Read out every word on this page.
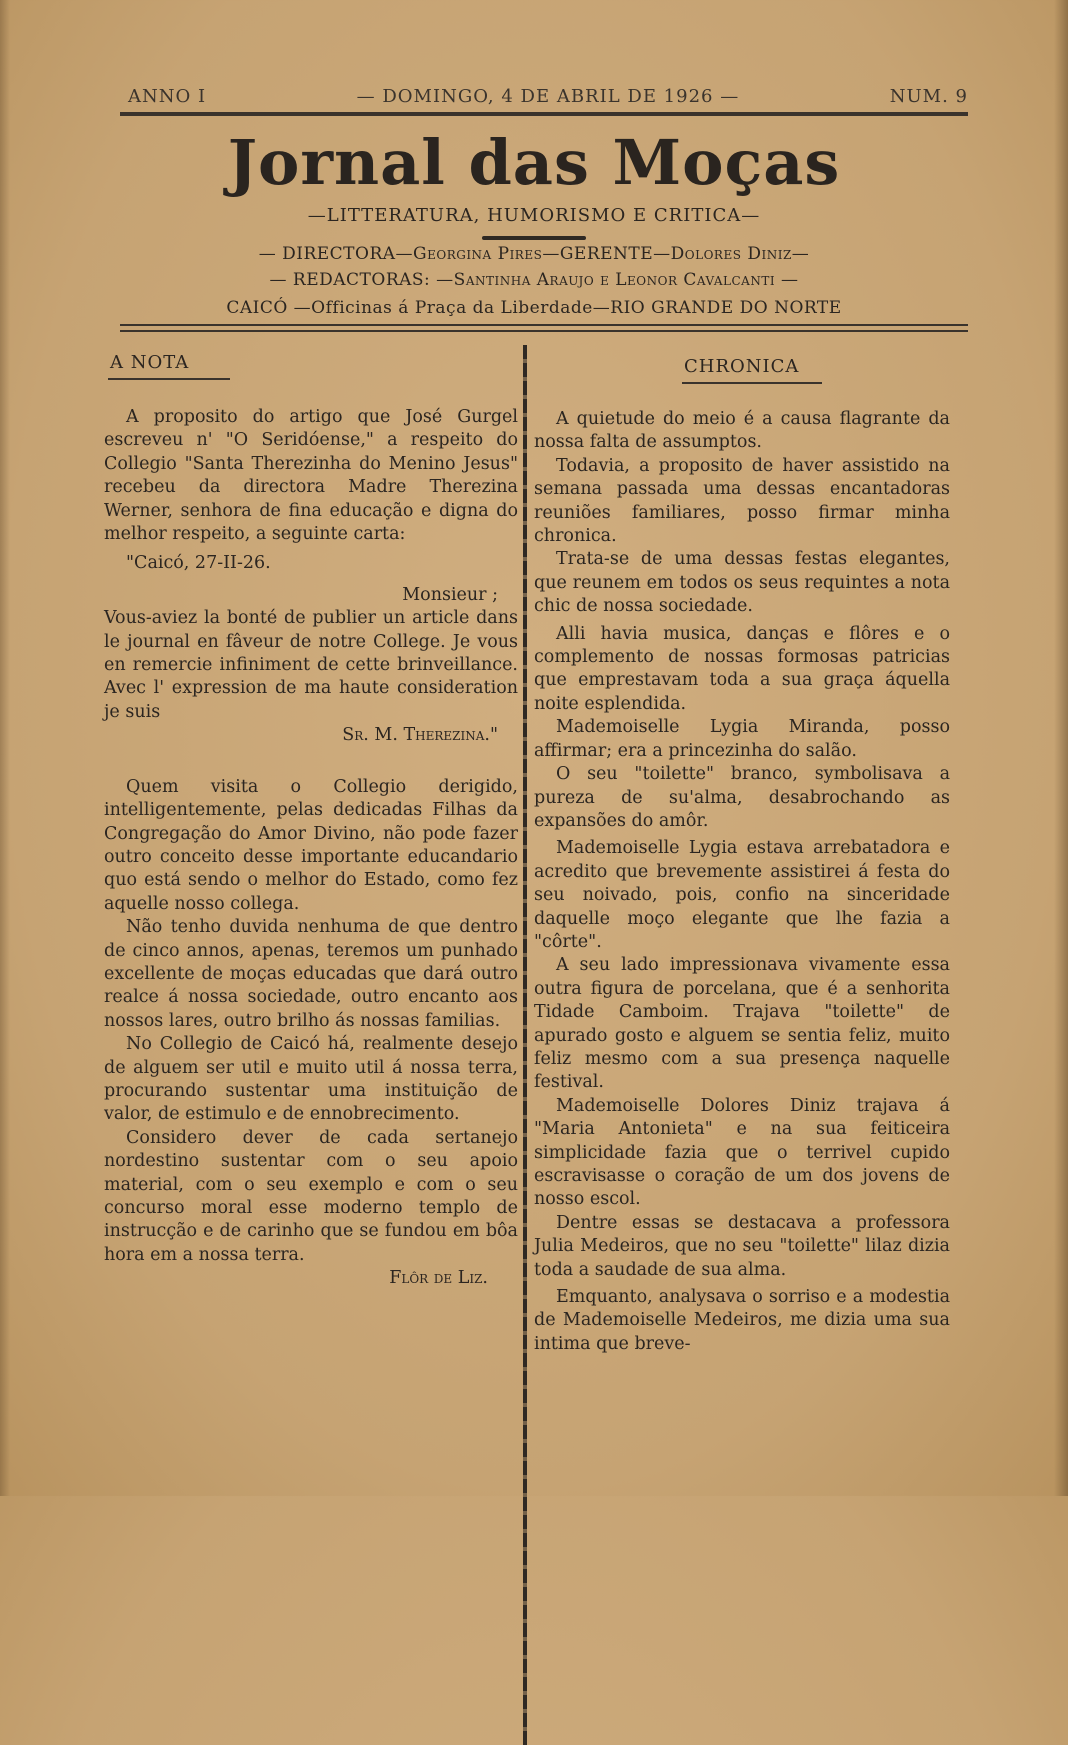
ANNO I	— DOMINGO, 4 DE ABRIL DE 1926 —	NUM. 9
Jornal das Moças
—LITTERATURA, HUMORISMO E CRITICA—
— DIRECTORA—Georgina Pires—GERENTE—Dolores Diniz—
— REDACTORAS: —Santinha Araujo e Leonor Cavalcanti —
CAICÓ —Officinas á Praça da Liberdade—RIO GRANDE DO NORTE
A NOTA

A proposito do artigo que José Gurgel escreveu n' "O Seridóense," a respeito do Collegio "Santa Therezinha do Menino Jesus" recebeu da directora Madre Therezina Werner, senhora de fina educação e digna do melhor respeito, a seguinte carta:

"Caicó, 27-II-26.

Monsieur ;

Vous-aviez la bonté de publier un article dans le journal en fâveur de notre College. Je vous en remercie infiniment de cette brinveillance. Avec l' expression de ma haute consideration je suis

Sr. M. Therezina."

Quem visita o Collegio derigido, intelligentemente, pelas dedicadas Filhas da Congregação do Amor Divino, não pode fazer outro conceito desse importante educandario quo está sendo o melhor do Estado, como fez aquelle nosso collega.

Não tenho duvida nenhuma de que dentro de cinco annos, apenas, teremos um punhado excellente de moças educadas que dará outro realce á nossa sociedade, outro encanto aos nossos lares, outro brilho ás nossas familias.

No Collegio de Caicó há, realmente desejo de alguem ser util e muito util á nossa terra, procurando sustentar uma instituição de valor, de estimulo e de ennobrecimento.

Considero dever de cada sertanejo nordestino sustentar com o seu apoio material, com o seu exemplo e com o seu concurso moral esse moderno templo de instrucção e de carinho que se fundou em bôa hora em a nossa terra.

Flôr de Liz.

CHRONICA

A quietude do meio é a causa flagrante da nossa falta de assumptos.

Todavia, a proposito de haver assistido na semana passada uma dessas encantadoras reuniões familiares, posso firmar minha chronica.

Trata-se de uma dessas festas elegantes, que reunem em todos os seus requintes a nota chic de nossa sociedade.

Alli havia musica, danças e flôres e o complemento de nossas formosas patricias que emprestavam toda a sua graça áquella noite esplendida.

Mademoiselle Lygia Miranda, posso affirmar; era a princezinha do salão.

O seu "toilette" branco, symbolisava a pureza de su'alma, desabrochando as expansões do amôr.

Mademoiselle Lygia estava arrebatadora e acredito que brevemente assistirei á festa do seu noivado, pois, confio na sinceridade daquelle moço elegante que lhe fazia a "côrte".

A seu lado impressionava vivamente essa outra figura de porcelana, que é a senhorita Tidade Camboim. Trajava "toilette" de apurado gosto e alguem se sentia feliz, muito feliz mesmo com a sua presença naquelle festival.

Mademoiselle Dolores Diniz trajava á "Maria Antonieta" e na sua feiticeira simplicidade fazia que o terrivel cupido escravisasse o coração de um dos jovens de nosso escol.

Dentre essas se destacava a professora Julia Medeiros, que no seu "toilette" lilaz dizia toda a saudade de sua alma.

Emquanto, analysava o sorriso e a modestia de Mademoiselle Medeiros, me dizia uma sua intima que breve-
